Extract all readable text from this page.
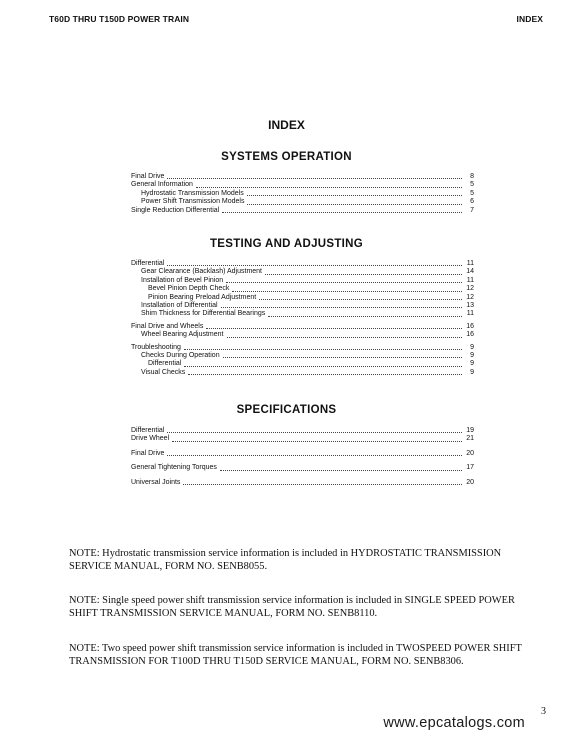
T60D THRU T150D POWER TRAIN	INDEX
INDEX
SYSTEMS OPERATION
Final Drive	8
General Information	5
Hydrostatic Transmission Models	5
Power Shift Transmission Models	6
Single Reduction Differential	7
TESTING AND ADJUSTING
Differential	11
Gear Clearance (Backlash) Adjustment	14
Installation of Bevel Pinion	11
Bevel Pinion Depth Check	12
Pinion Bearing Preload Adjustment	12
Installation of Differential	13
Shim Thickness for Differential Bearings	11
Final Drive and Wheels	16
Wheel Bearing Adjustment	16
Troubleshooting	9
Checks During Operation	9
Differential	9
Visual Checks	9
SPECIFICATIONS
Differential	19
Drive Wheel	21
Final Drive	20
General Tightening Torques	17
Universal Joints	20
NOTE: Hydrostatic transmission service information is included in HYDROSTATIC TRANSMISSION
SERVICE MANUAL, FORM NO. SENB8055.
NOTE: Single speed power shift transmission service information is included in SINGLE SPEED POWER
SHIFT TRANSMISSION SERVICE MANUAL, FORM NO. SENB8110.
NOTE: Two speed power shift transmission service information is included in TWOSPEED POWER SHIFT
TRANSMISSION FOR T100D THRU T150D SERVICE MANUAL, FORM NO. SENB8306.
3
www.epcatalogs.com
